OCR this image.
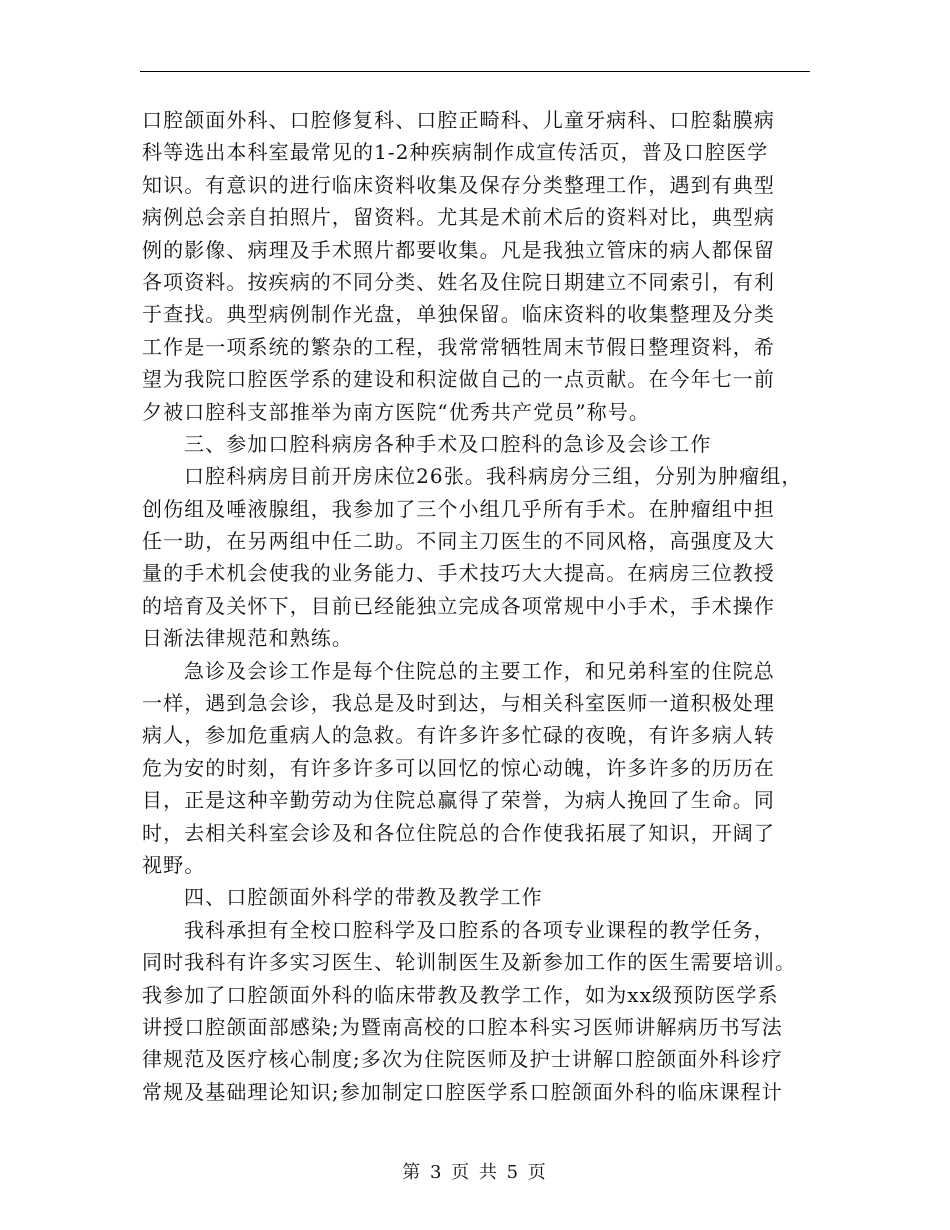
口腔颌面外科、口腔修复科、口腔正畸科、儿童牙病科、口腔黏膜病
科等选出本科室最常见的1-2种疾病制作成宣传活页，普及口腔医学
知识。有意识的进行临床资料收集及保存分类整理工作，遇到有典型
病例总会亲自拍照片，留资料。尤其是术前术后的资料对比，典型病
例的影像、病理及手术照片都要收集。凡是我独立管床的病人都保留
各项资料。按疾病的不同分类、姓名及住院日期建立不同索引，有利
于查找。典型病例制作光盘，单独保留。临床资料的收集整理及分类
工作是一项系统的繁杂的工程，我常常牺牲周末节假日整理资料，希
望为我院口腔医学系的建设和积淀做自己的一点贡献。在今年七一前
夕被口腔科支部推举为南方医院“优秀共产党员”称号。
三、参加口腔科病房各种手术及口腔科的急诊及会诊工作
口腔科病房目前开房床位26张。我科病房分三组，分别为肿瘤组，
创伤组及唾液腺组，我参加了三个小组几乎所有手术。在肿瘤组中担
任一助，在另两组中任二助。不同主刀医生的不同风格，高强度及大
量的手术机会使我的业务能力、手术技巧大大提高。在病房三位教授
的培育及关怀下，目前已经能独立完成各项常规中小手术，手术操作
日渐法律规范和熟练。
急诊及会诊工作是每个住院总的主要工作，和兄弟科室的住院总
一样，遇到急会诊，我总是及时到达，与相关科室医师一道积极处理
病人，参加危重病人的急救。有许多许多忙碌的夜晚，有许多病人转
危为安的时刻，有许多许多可以回忆的惊心动魄，许多许多的历历在
目，正是这种辛勤劳动为住院总赢得了荣誉，为病人挽回了生命。同
时，去相关科室会诊及和各位住院总的合作使我拓展了知识，开阔了
视野。
四、口腔颌面外科学的带教及教学工作
我科承担有全校口腔科学及口腔系的各项专业课程的教学任务，
同时我科有许多实习医生、轮训制医生及新参加工作的医生需要培训。
我参加了口腔颌面外科的临床带教及教学工作，如为xx级预防医学系
讲授口腔颌面部感染;为暨南高校的口腔本科实习医师讲解病历书写法
律规范及医疗核心制度;多次为住院医师及护士讲解口腔颌面外科诊疗
常规及基础理论知识;参加制定口腔医学系口腔颌面外科的临床课程计
第 3 页 共 5 页
